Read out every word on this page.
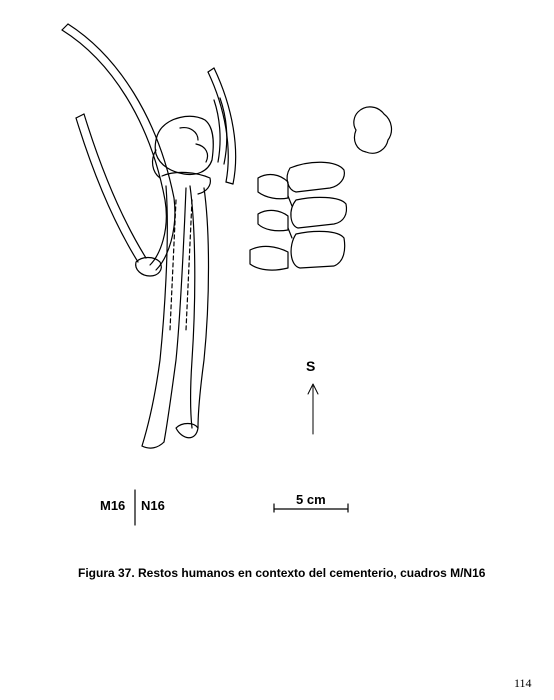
S
M16 N16	5 cm
Figura 37. Restos humanos en contexto del cementerio, cuadros M/N16
114
